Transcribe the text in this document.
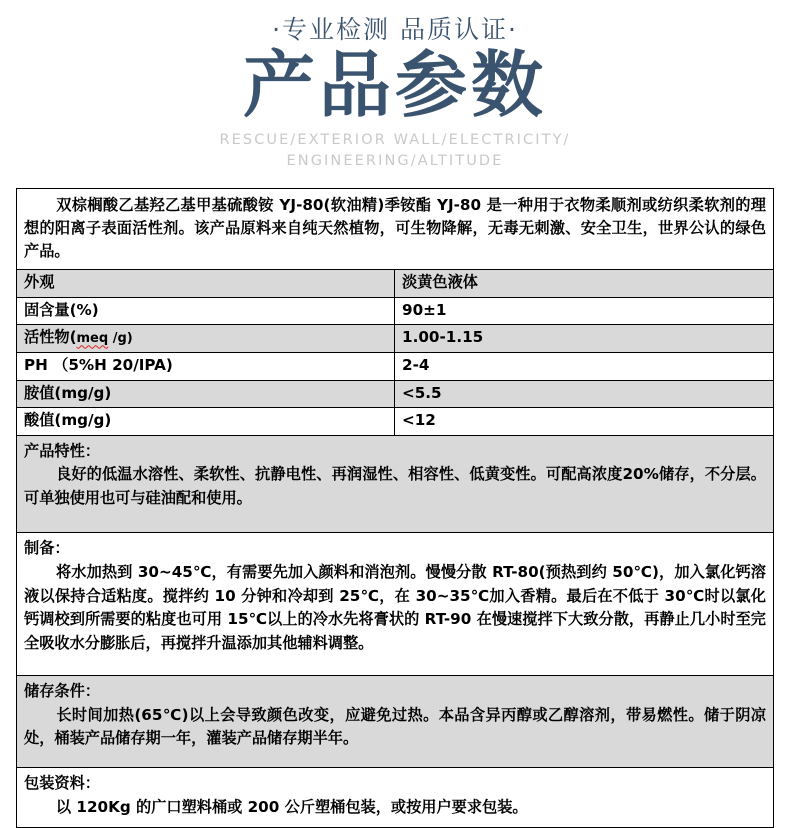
·专业检测 品质认证·
产品参数
RESCUE/EXTERIOR WALL/ELECTRICITY/
ENGINEERING/ALTITUDE
双棕榈酸乙基羟乙基甲基硫酸铵 YJ-80(软油精)季铵酯 YJ-80 是一种用于衣物柔顺剂或纺织柔软剂的理想的阳离子表面活性剂。该产品原料来自纯天然植物，可生物降解，无毒无刺激、安全卫生，世界公认的绿色产品。
外观	淡黄色液体
固含量(%)	90±1
活性物(meq /g)	1.00-1.15
PH （5%H 20/IPA)	2-4
胺值(mg/g)	<5.5
酸值(mg/g)	<12
产品特性：
良好的低温水溶性、柔软性、抗静电性、再润湿性、相容性、低黄变性。可配高浓度20%储存，不分层。可单独使用也可与硅油配和使用。
制备：
将水加热到 30~45℃，有需要先加入颜料和消泡剂。慢慢分散 RT-80(预热到约 50℃)，加入氯化钙溶液以保持合适粘度。搅拌约 10 分钟和冷却到 25℃，在 30~35℃加入香精。最后在不低于 30℃时以氯化钙调校到所需要的粘度也可用 15℃以上的冷水先将膏状的 RT-90 在慢速搅拌下大致分散，再静止几小时至完全吸收水分膨胀后，再搅拌升温添加其他辅料调整。
储存条件：
长时间加热(65℃)以上会导致颜色改变，应避免过热。本品含异丙醇或乙醇溶剂，带易燃性。储于阴凉处，桶装产品储存期一年，灌装产品储存期半年。
包装资料：
以 120Kg 的广口塑料桶或 200 公斤塑桶包装，或按用户要求包装。
